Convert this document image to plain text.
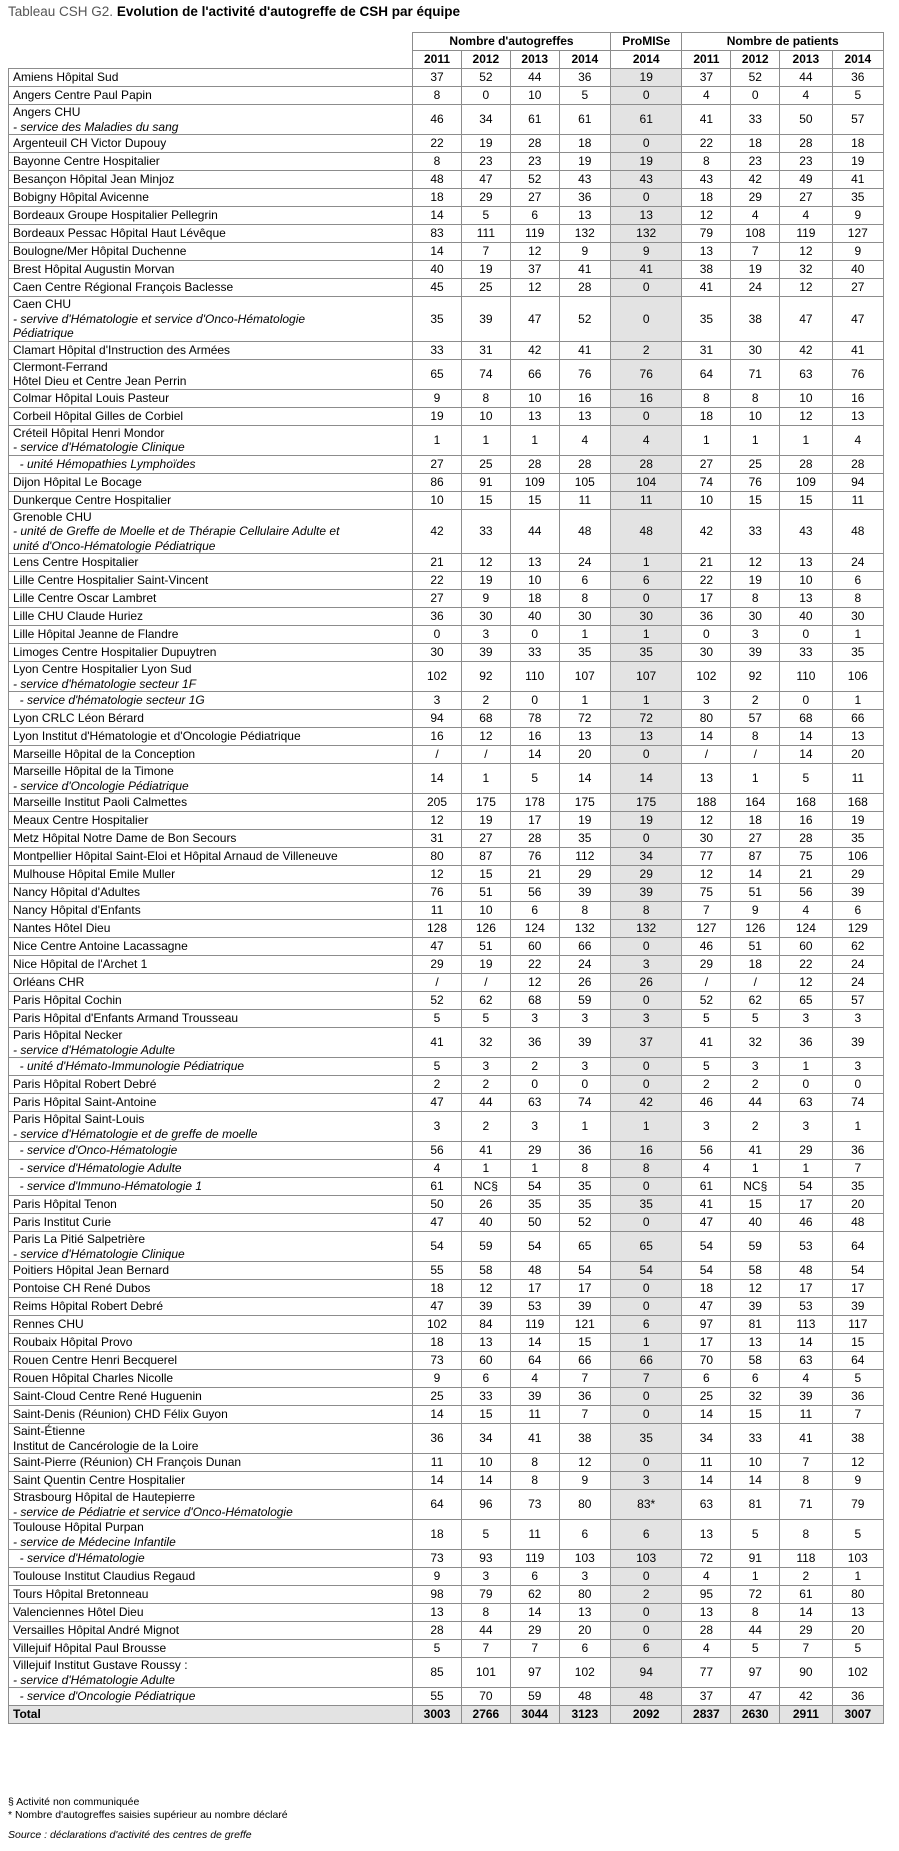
Tableau CSH G2. Evolution de l'activité d'autogreffe de CSH par équipe
	Nombre d'autogreffes				ProMISe	Nombre de patients			
	2011	2012	2013	2014	2014	2011	2012	2013	2014

Amiens Hôpital Sud	37	52	44	36	19	37	52	44	36

Angers Centre Paul Papin	8	0	10	5	0	4	0	4	5

Angers CHU
- service des Maladies du sang	46	34	61	61	61	41	33	50	57

Argenteuil CH Victor Dupouy	22	19	28	18	0	22	18	28	18

Bayonne Centre Hospitalier	8	23	23	19	19	8	23	23	19

Besançon Hôpital Jean Minjoz	48	47	52	43	43	43	42	49	41

Bobigny Hôpital Avicenne	18	29	27	36	0	18	29	27	35

Bordeaux Groupe Hospitalier Pellegrin	14	5	6	13	13	12	4	4	9

Bordeaux Pessac Hôpital Haut Lévêque	83	111	119	132	132	79	108	119	127

Boulogne/Mer Hôpital Duchenne	14	7	12	9	9	13	7	12	9

Brest Hôpital Augustin Morvan	40	19	37	41	41	38	19	32	40

Caen Centre Régional François Baclesse	45	25	12	28	0	41	24	12	27

Caen CHU
- servive d'Hématologie et service d'Onco-Hématologie
Pédiatrique	35	39	47	52	0	35	38	47	47

Clamart Hôpital d'Instruction des Armées	33	31	42	41	2	31	30	42	41

Clermont-Ferrand
Hôtel Dieu et Centre Jean Perrin	65	74	66	76	76	64	71	63	76

Colmar Hôpital Louis Pasteur	9	8	10	16	16	8	8	10	16

Corbeil Hôpital Gilles de Corbiel	19	10	13	13	0	18	10	12	13

Créteil Hôpital Henri Mondor
- service d'Hématologie Clinique	1	1	1	4	4	1	1	1	4

- unité Hémopathies Lymphoïdes	27	25	28	28	28	27	25	28	28

Dijon Hôpital Le Bocage	86	91	109	105	104	74	76	109	94

Dunkerque Centre Hospitalier	10	15	15	11	11	10	15	15	11

Grenoble CHU
- unité de Greffe de Moelle et de Thérapie Cellulaire Adulte et
unité d'Onco-Hématologie Pédiatrique	42	33	44	48	48	42	33	43	48

Lens Centre Hospitalier	21	12	13	24	1	21	12	13	24

Lille Centre Hospitalier Saint-Vincent	22	19	10	6	6	22	19	10	6

Lille Centre Oscar Lambret	27	9	18	8	0	17	8	13	8

Lille CHU Claude Huriez	36	30	40	30	30	36	30	40	30

Lille Hôpital Jeanne de Flandre	0	3	0	1	1	0	3	0	1

Limoges Centre Hospitalier Dupuytren	30	39	33	35	35	30	39	33	35

Lyon Centre Hospitalier Lyon Sud
- service d'hématologie secteur 1F	102	92	110	107	107	102	92	110	106

- service d'hématologie secteur 1G	3	2	0	1	1	3	2	0	1

Lyon CRLC Léon Bérard	94	68	78	72	72	80	57	68	66

Lyon Institut d'Hématologie et d'Oncologie Pédiatrique	16	12	16	13	13	14	8	14	13

Marseille Hôpital de la Conception	/	/	14	20	0	/	/	14	20

Marseille Hôpital de la Timone
- service d'Oncologie Pédiatrique	14	1	5	14	14	13	1	5	11

Marseille Institut Paoli Calmettes	205	175	178	175	175	188	164	168	168

Meaux Centre Hospitalier	12	19	17	19	19	12	18	16	19

Metz Hôpital Notre Dame de Bon Secours	31	27	28	35	0	30	27	28	35

Montpellier Hôpital Saint-Eloi et Hôpital Arnaud de Villeneuve	80	87	76	112	34	77	87	75	106

Mulhouse Hôpital Emile Muller	12	15	21	29	29	12	14	21	29

Nancy Hôpital d'Adultes	76	51	56	39	39	75	51	56	39

Nancy Hôpital d'Enfants	11	10	6	8	8	7	9	4	6

Nantes Hôtel Dieu	128	126	124	132	132	127	126	124	129

Nice Centre Antoine Lacassagne	47	51	60	66	0	46	51	60	62

Nice Hôpital de l'Archet 1	29	19	22	24	3	29	18	22	24

Orléans CHR	/	/	12	26	26	/	/	12	24

Paris Hôpital Cochin	52	62	68	59	0	52	62	65	57

Paris Hôpital d'Enfants Armand Trousseau	5	5	3	3	3	5	5	3	3

Paris Hôpital Necker
- service d'Hématologie Adulte	41	32	36	39	37	41	32	36	39

- unité d'Hémato-Immunologie Pédiatrique	5	3	2	3	0	5	3	1	3

Paris Hôpital Robert Debré	2	2	0	0	0	2	2	0	0

Paris Hôpital Saint-Antoine	47	44	63	74	42	46	44	63	74

Paris Hôpital Saint-Louis
- service d'Hématologie et de greffe de moelle	3	2	3	1	1	3	2	3	1

- service d'Onco-Hématologie	56	41	29	36	16	56	41	29	36

- service d'Hématologie Adulte	4	1	1	8	8	4	1	1	7

- service d'Immuno-Hématologie 1	61	NC§	54	35	0	61	NC§	54	35

Paris Hôpital Tenon	50	26	35	35	35	41	15	17	20

Paris Institut Curie	47	40	50	52	0	47	40	46	48

Paris La Pitié Salpetrière
- service d'Hématologie Clinique	54	59	54	65	65	54	59	53	64

Poitiers Hôpital Jean Bernard	55	58	48	54	54	54	58	48	54

Pontoise CH René Dubos	18	12	17	17	0	18	12	17	17

Reims Hôpital Robert Debré	47	39	53	39	0	47	39	53	39

Rennes CHU	102	84	119	121	6	97	81	113	117

Roubaix Hôpital Provo	18	13	14	15	1	17	13	14	15

Rouen Centre Henri Becquerel	73	60	64	66	66	70	58	63	64

Rouen Hôpital Charles Nicolle	9	6	4	7	7	6	6	4	5

Saint-Cloud Centre René Huguenin	25	33	39	36	0	25	32	39	36

Saint-Denis (Réunion) CHD Félix Guyon	14	15	11	7	0	14	15	11	7

Saint-Étienne
Institut de Cancérologie de la Loire	36	34	41	38	35	34	33	41	38

Saint-Pierre (Réunion) CH François Dunan	11	10	8	12	0	11	10	7	12

Saint Quentin Centre Hospitalier	14	14	8	9	3	14	14	8	9

Strasbourg Hôpital de Hautepierre
- service de Pédiatrie et service d'Onco-Hématologie	64	96	73	80	83*	63	81	71	79

Toulouse Hôpital Purpan
- service de Médecine Infantile	18	5	11	6	6	13	5	8	5

- service d'Hématologie	73	93	119	103	103	72	91	118	103

Toulouse Institut Claudius Regaud	9	3	6	3	0	4	1	2	1

Tours Hôpital Bretonneau	98	79	62	80	2	95	72	61	80

Valenciennes Hôtel Dieu	13	8	14	13	0	13	8	14	13

Versailles Hôpital André Mignot	28	44	29	20	0	28	44	29	20

Villejuif Hôpital Paul Brousse	5	7	7	6	6	4	5	7	5

Villejuif Institut Gustave Roussy :
- service d'Hématologie Adulte	85	101	97	102	94	77	97	90	102

- service d'Oncologie Pédiatrique	55	70	59	48	48	37	47	42	36
Total	3003	2766	3044	3123	2092	2837	2630	2911	3007
§ Activité non communiquée
* Nombre d'autogreffes saisies supérieur au nombre déclaré
Source : déclarations d'activité des centres de greffe
